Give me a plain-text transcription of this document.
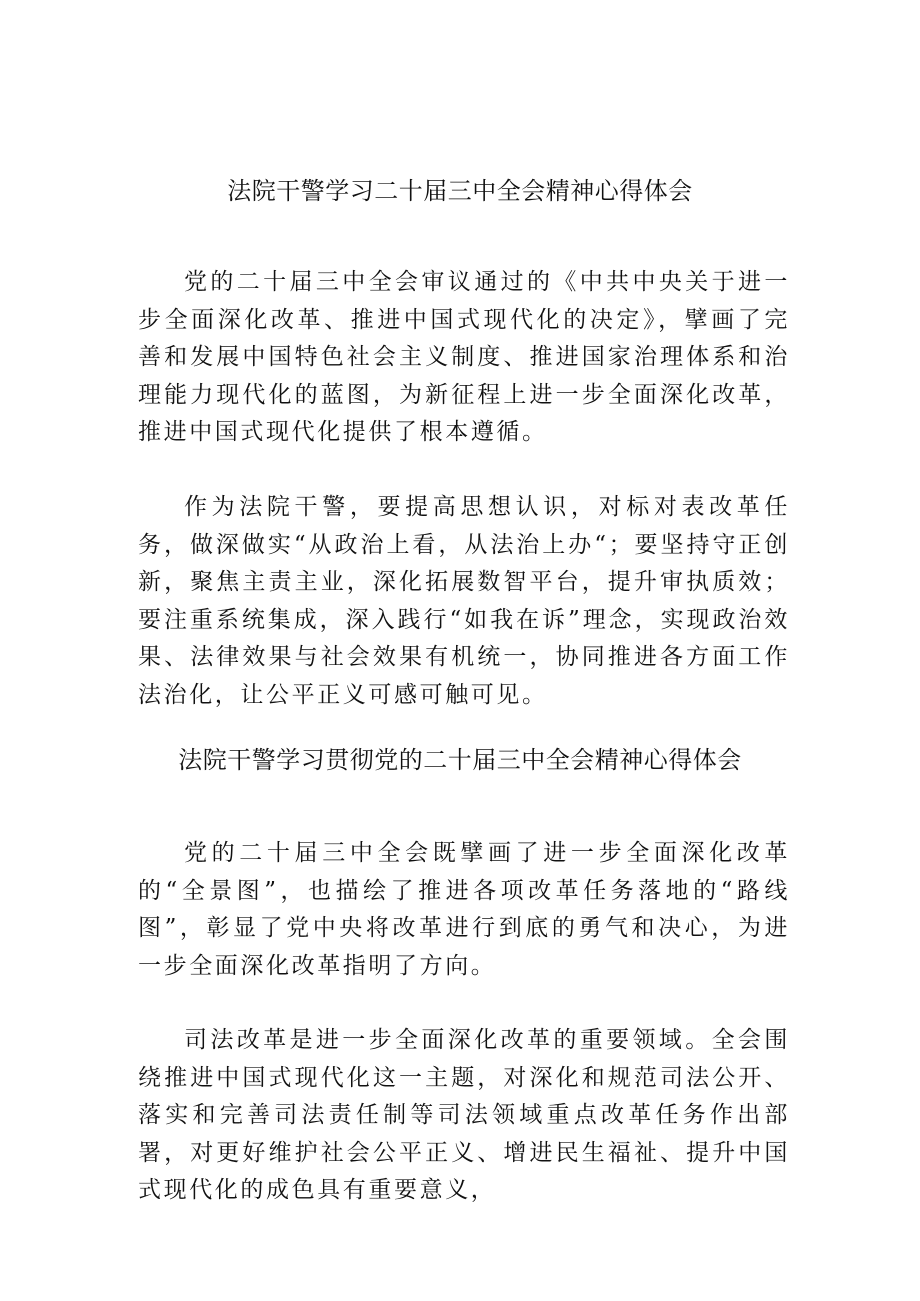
法院干警学习二十届三中全会精神心得体会

党的二十届三中全会审议通过的《中共中央关于进一步全面深化改革、推进中国式现代化的决定》，擘画了完善和发展中国特色社会主义制度、推进国家治理体系和治理能力现代化的蓝图，为新征程上进一步全面深化改革，推进中国式现代化提供了根本遵循。

作为法院干警，要提高思想认识，对标对表改革任务，做深做实“从政治上看，从法治上办“；要坚持守正创新，聚焦主责主业，深化拓展数智平台，提升审执质效；要注重系统集成，深入践行“如我在诉”理念，实现政治效果、法律效果与社会效果有机统一，协同推进各方面工作法治化，让公平正义可感可触可见。

法院干警学习贯彻党的二十届三中全会精神心得体会

党的二十届三中全会既擘画了进一步全面深化改革的“全景图”，也描绘了推进各项改革任务落地的“路线图”，彰显了党中央将改革进行到底的勇气和决心，为进一步全面深化改革指明了方向。

司法改革是进一步全面深化改革的重要领域。全会围绕推进中国式现代化这一主题，对深化和规范司法公开、落实和完善司法责任制等司法领域重点改革任务作出部署，对更好维护社会公平正义、增进民生福祉、提升中国式现代化的成色具有重要意义，
